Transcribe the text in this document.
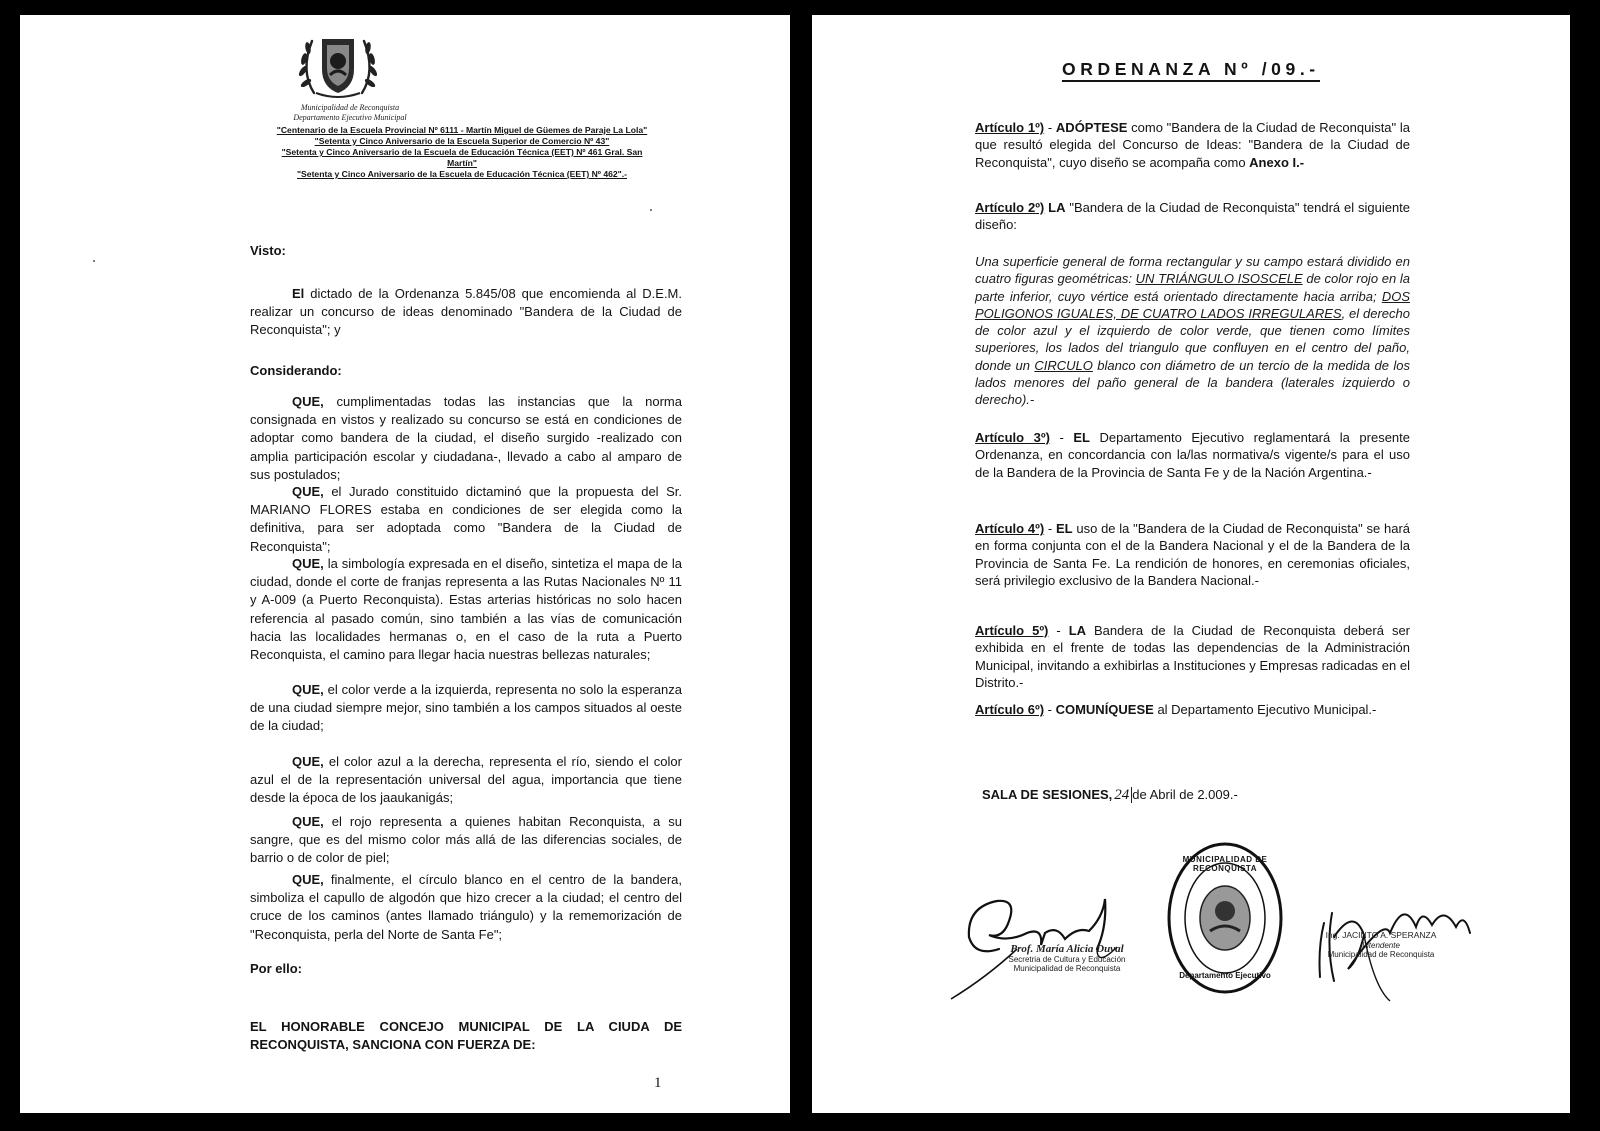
Municipalidad de Reconquista
Departamento Ejecutivo Municipal
"Centenario de la Escuela Provincial Nº 6111 - Martín Miguel de Güemes de Paraje La Lola"
"Setenta y Cinco Aniversario de la Escuela Superior de Comercio Nº 43"
"Setenta y Cinco Aniversario de la Escuela de Educación Técnica (EET) Nº 461 Gral. San
Martín"
"Setenta y Cinco Aniversario de la Escuela de Educación Técnica (EET) Nº 462".-
Visto:

El dictado de la Ordenanza 5.845/08 que encomienda al D.E.M. realizar un concurso de ideas denominado "Bandera de la Ciudad de Reconquista"; y

Considerando:

QUE, cumplimentadas todas las instancias que la norma consignada en vistos y realizado su concurso se está en condiciones de adoptar como bandera de la ciudad, el diseño surgido -realizado con amplia participación escolar y ciudadana-, llevado a cabo al amparo de sus postulados;

QUE, el Jurado constituido dictaminó que la propuesta del Sr. MARIANO FLORES estaba en condiciones de ser elegida como la definitiva, para ser adoptada como "Bandera de la Ciudad de Reconquista";

QUE, la simbología expresada en el diseño, sintetiza el mapa de la ciudad, donde el corte de franjas representa a las Rutas Nacionales Nº 11 y A-009 (a Puerto Reconquista). Estas arterias históricas no solo hacen referencia al pasado común, sino también a las vías de comunicación hacia las localidades hermanas o, en el caso de la ruta a Puerto Reconquista, el camino para llegar hacia nuestras bellezas naturales;

QUE, el color verde a la izquierda, representa no solo la esperanza de una ciudad siempre mejor, sino también a los campos situados al oeste de la ciudad;

QUE, el color azul a la derecha, representa el río, siendo el color azul el de la representación universal del agua, importancia que tiene desde la época de los jaaukanigás;

QUE, el rojo representa a quienes habitan Reconquista, a su sangre, que es del mismo color más allá de las diferencias sociales, de barrio o de color de piel;

QUE, finalmente, el círculo blanco en el centro de la bandera, simboliza el capullo de algodón que hizo crecer a la ciudad; el centro del cruce de los caminos (antes llamado triángulo) y la rememorización de "Reconquista, perla del Norte de Santa Fe";

Por ello:
EL HONORABLE CONCEJO MUNICIPAL DE LA CIUDA DE RECONQUISTA, SANCIONA CON FUERZA DE:
1
ORDENANZA Nº /09.-
Artículo 1º) - ADÓPTESE como "Bandera de la Ciudad de Reconquista" la que resultó elegida del Concurso de Ideas: "Bandera de la Ciudad de Reconquista", cuyo diseño se acompaña como Anexo I.-
Artículo 2º) LA "Bandera de la Ciudad de Reconquista" tendrá el siguiente diseño:
Una superficie general de forma rectangular y su campo estará dividido en cuatro figuras geométricas: UN TRIÁNGULO ISOSCELE de color rojo en la parte inferior, cuyo vértice está orientado directamente hacia arriba; DOS POLIGONOS IGUALES, DE CUATRO LADOS IRREGULARES, el derecho de color azul y el izquierdo de color verde, que tienen como límites superiores, los lados del triangulo que confluyen en el centro del paño, donde un CIRCULO blanco con diámetro de un tercio de la medida de los lados menores del paño general de la bandera (laterales izquierdo o derecho).-
Artículo 3º) - EL Departamento Ejecutivo reglamentará la presente Ordenanza, en concordancia con la/las normativa/s vigente/s para el uso de la Bandera de la Provincia de Santa Fe y de la Nación Argentina.-
Artículo 4º) - EL uso de la "Bandera de la Ciudad de Reconquista" se hará en forma conjunta con el de la Bandera Nacional y el de la Bandera de la Provincia de Santa Fe. La rendición de honores, en ceremonias oficiales, será privilegio exclusivo de la Bandera Nacional.-
Artículo 5º) - LA Bandera de la Ciudad de Reconquista deberá ser exhibida en el frente de todas las dependencias de la Administración Municipal, invitando a exhibirlas a Instituciones y Empresas radicadas en el Distrito.-
Artículo 6º) - COMUNÍQUESE al Departamento Ejecutivo Municipal.-
SALA DE SESIONES, 24 de Abril de 2.009.-
Prof. María Alicia Duval
Secretria de Cultura y Educación
Municipalidad de Reconquista
MUNICIPALIDAD DE RECONQUISTA
Departamento Ejecutivo
Ing. JACINTO A. SPERANZA
Intendente
Municipalidad de Reconquista
